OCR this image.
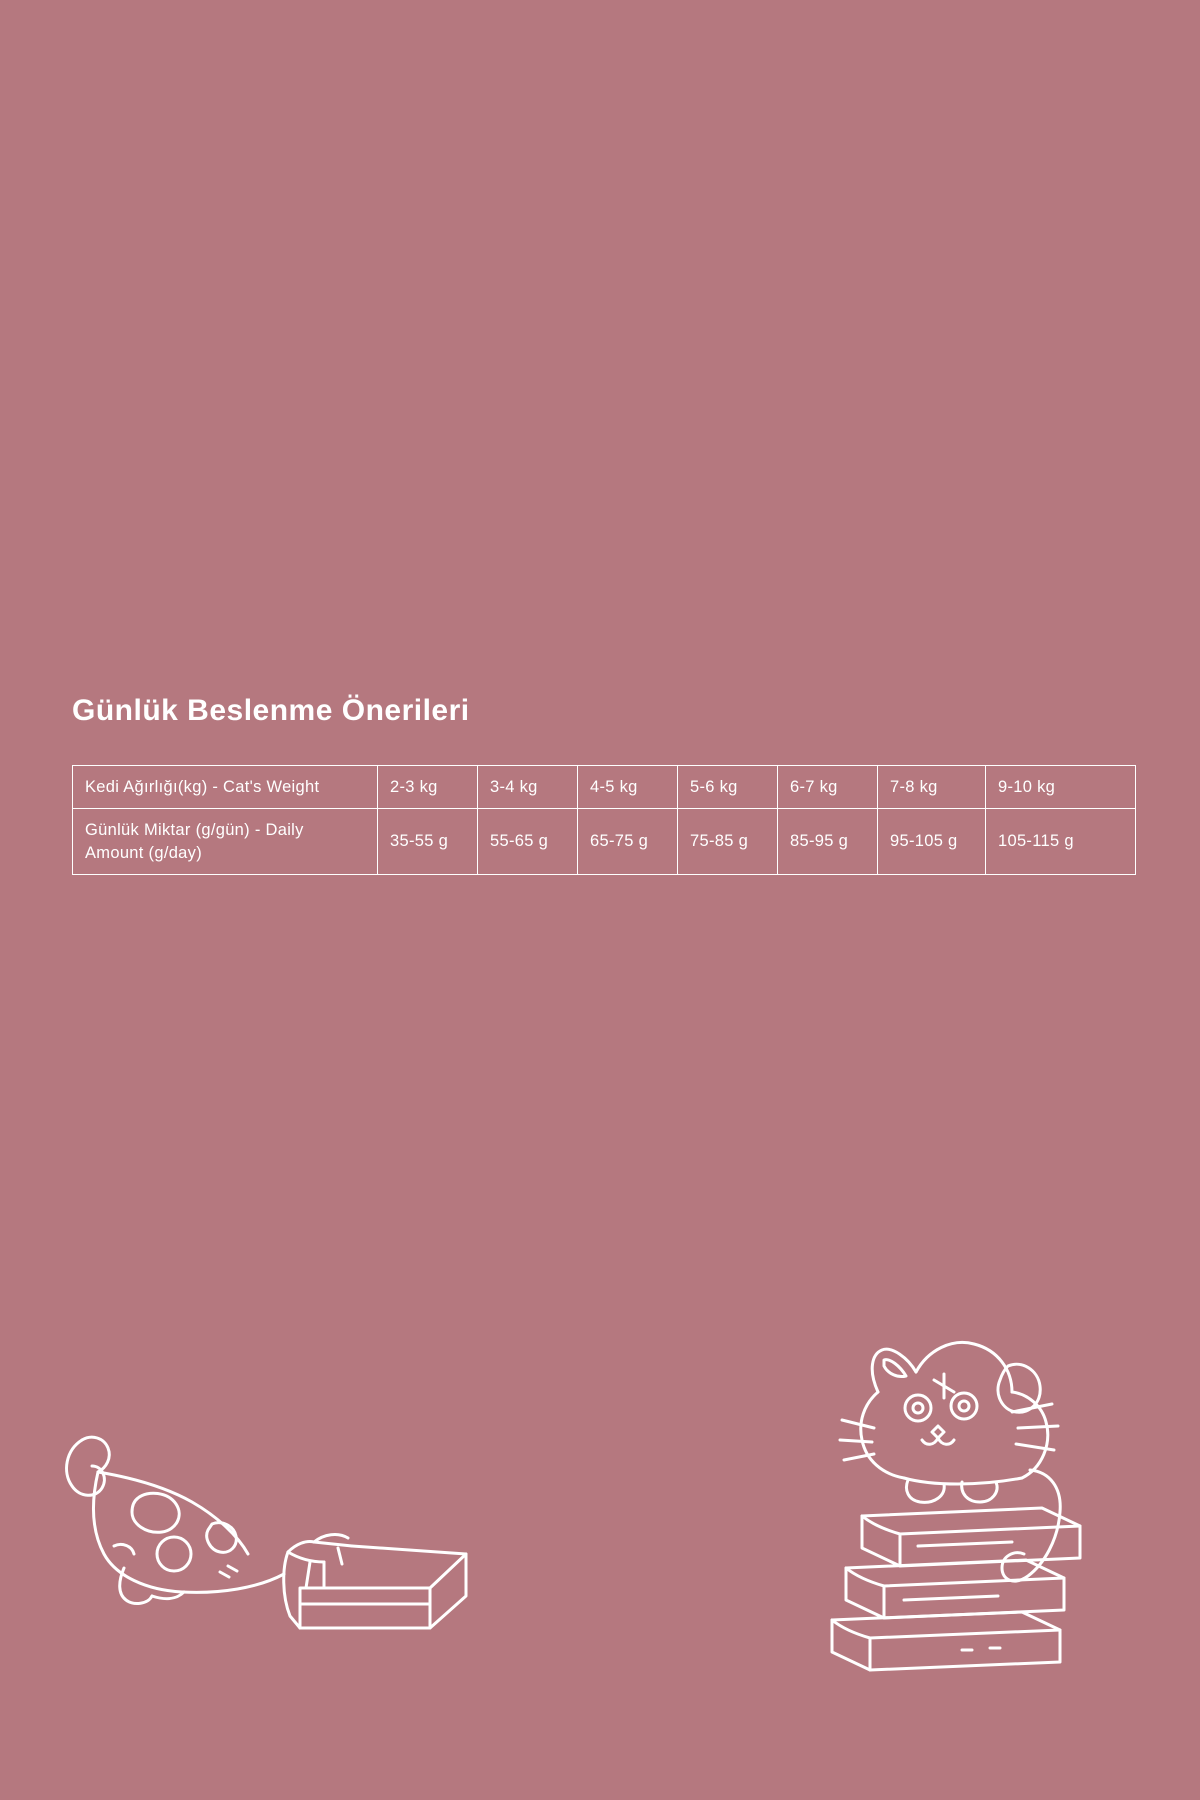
Günlük Beslenme Önerileri
Kedi Ağırlığı(kg) - Cat's Weight	2-3 kg	3-4 kg	4-5 kg	5-6 kg	6-7 kg	7-8 kg	9-10 kg
Günlük Miktar (g/gün) - Daily Amount (g/day)	35-55 g	55-65 g	65-75 g	75-85 g	85-95 g	95-105 g	105-115 g
